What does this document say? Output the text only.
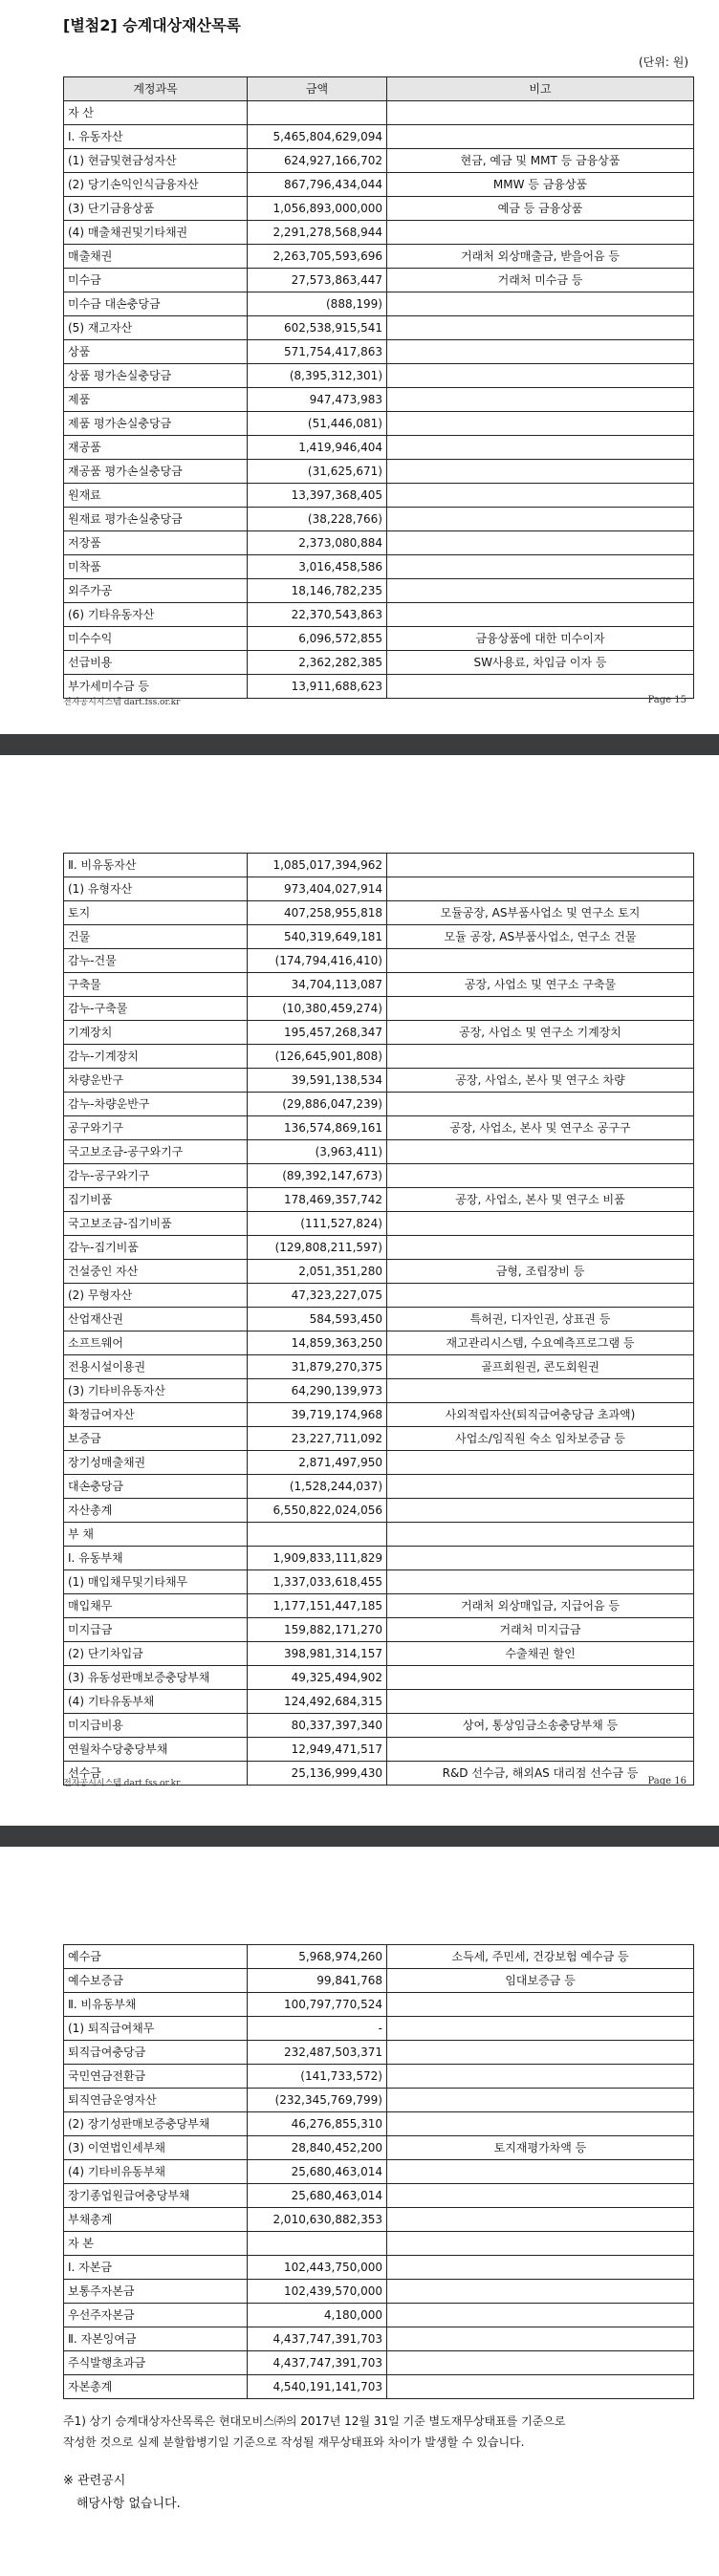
[별첨2] 승계대상재산목록
(단위: 원)
계정과목	금액	비고
자 산		
Ⅰ. 유동자산	5,465,804,629,094	
(1) 현금및현금성자산	624,927,166,702	현금, 예금 및 MMT 등 금융상품
(2) 당기손익인식금융자산	867,796,434,044	MMW 등 금융상품
(3) 단기금융상품	1,056,893,000,000	예금 등 금융상품
(4) 매출채권및기타채권	2,291,278,568,944	
매출채권	2,263,705,593,696	거래처 외상매출금, 받을어음 등
미수금	27,573,863,447	거래처 미수금 등
미수금 대손충당금	(888,199)	
(5) 재고자산	602,538,915,541	
상품	571,754,417,863	
상품 평가손실충당금	(8,395,312,301)	
제품	947,473,983	
제품 평가손실충당금	(51,446,081)	
재공품	1,419,946,404	
재공품 평가손실충당금	(31,625,671)	
원재료	13,397,368,405	
원재료 평가손실충당금	(38,228,766)	
저장품	2,373,080,884	
미착품	3,016,458,586	
외주가공	18,146,782,235	
(6) 기타유동자산	22,370,543,863	
미수수익	6,096,572,855	금융상품에 대한 미수이자
선급비용	2,362,282,385	SW사용료, 차입금 이자 등
부가세미수금 등	13,911,688,623	
전자공시시스템 dart.fss.or.kr	Page 15
Ⅱ. 비유동자산	1,085,017,394,962	
(1) 유형자산	973,404,027,914	
토지	407,258,955,818	모듈공장, AS부품사업소 및 연구소 토지
건물	540,319,649,181	모듈 공장, AS부품사업소, 연구소 건물
감누-건물	(174,794,416,410)	
구축물	34,704,113,087	공장, 사업소 및 연구소 구축물
감누-구축물	(10,380,459,274)	
기계장치	195,457,268,347	공장, 사업소 및 연구소 기계장치
감누-기계장치	(126,645,901,808)	
차량운반구	39,591,138,534	공장, 사업소, 본사 및 연구소 차량
감누-차량운반구	(29,886,047,239)	
공구와기구	136,574,869,161	공장, 사업소, 본사 및 연구소 공구구
국고보조금-공구와기구	(3,963,411)	
감누-공구와기구	(89,392,147,673)	
집기비품	178,469,357,742	공장, 사업소, 본사 및 연구소 비품
국고보조금-집기비품	(111,527,824)	
감누-집기비품	(129,808,211,597)	
건설중인 자산	2,051,351,280	금형, 조립장비 등
(2) 무형자산	47,323,227,075	
산업재산권	584,593,450	특허권, 디자인권, 상표권 등
소프트웨어	14,859,363,250	재고관리시스템, 수요예측프로그램 등
전용시설이용권	31,879,270,375	골프회원권, 콘도회원권
(3) 기타비유동자산	64,290,139,973	
확정급여자산	39,719,174,968	사외적립자산(퇴직급여충당금 초과액)
보증금	23,227,711,092	사업소/임직원 숙소 임차보증금 등
장기성매출채권	2,871,497,950	
대손충당금	(1,528,244,037)	
자산총계	6,550,822,024,056	
부 채		
Ⅰ. 유동부채	1,909,833,111,829	
(1) 매입채무및기타채무	1,337,033,618,455	
매입채무	1,177,151,447,185	거래처 외상매입금, 지급어음 등
미지급금	159,882,171,270	거래처 미지급금
(2) 단기차입금	398,981,314,157	수출채권 할인
(3) 유동성판매보증충당부채	49,325,494,902	
(4) 기타유동부채	124,492,684,315	
미지급비용	80,337,397,340	상여, 통상임금소송충당부채 등
연월차수당충당부채	12,949,471,517	
선수금	25,136,999,430	R&D 선수금, 해외AS 대리점 선수금 등
전자공시시스템 dart.fss.or.kr	Page 16
예수금	5,968,974,260	소득세, 주민세, 건강보험 예수금 등
예수보증금	99,841,768	임대보증금 등
Ⅱ. 비유동부채	100,797,770,524	
(1) 퇴직급여채무	-	
퇴직급여충당금	232,487,503,371	
국민연금전환금	(141,733,572)	
퇴직연금운영자산	(232,345,769,799)	
(2) 장기성판매보증충당부채	46,276,855,310	
(3) 이연법인세부채	28,840,452,200	토지재평가차액 등
(4) 기타비유동부채	25,680,463,014	
장기종업원급여충당부채	25,680,463,014	
부채총계	2,010,630,882,353	
자 본		
Ⅰ. 자본금	102,443,750,000	
보통주자본금	102,439,570,000	
우선주자본금	4,180,000	
Ⅱ. 자본잉여금	4,437,747,391,703	
주식발행초과금	4,437,747,391,703	
자본총계	4,540,191,141,703	
주1) 상기 승계대상자산목록은 현대모비스㈜의 2017년 12월 31일 기준 별도재무상태표를 기준으로
작성한 것으로 실제 분할합병기일 기준으로 작성될 재무상태표와 차이가 발생할 수 있습니다.
※ 관련공시
해당사항 없습니다.
